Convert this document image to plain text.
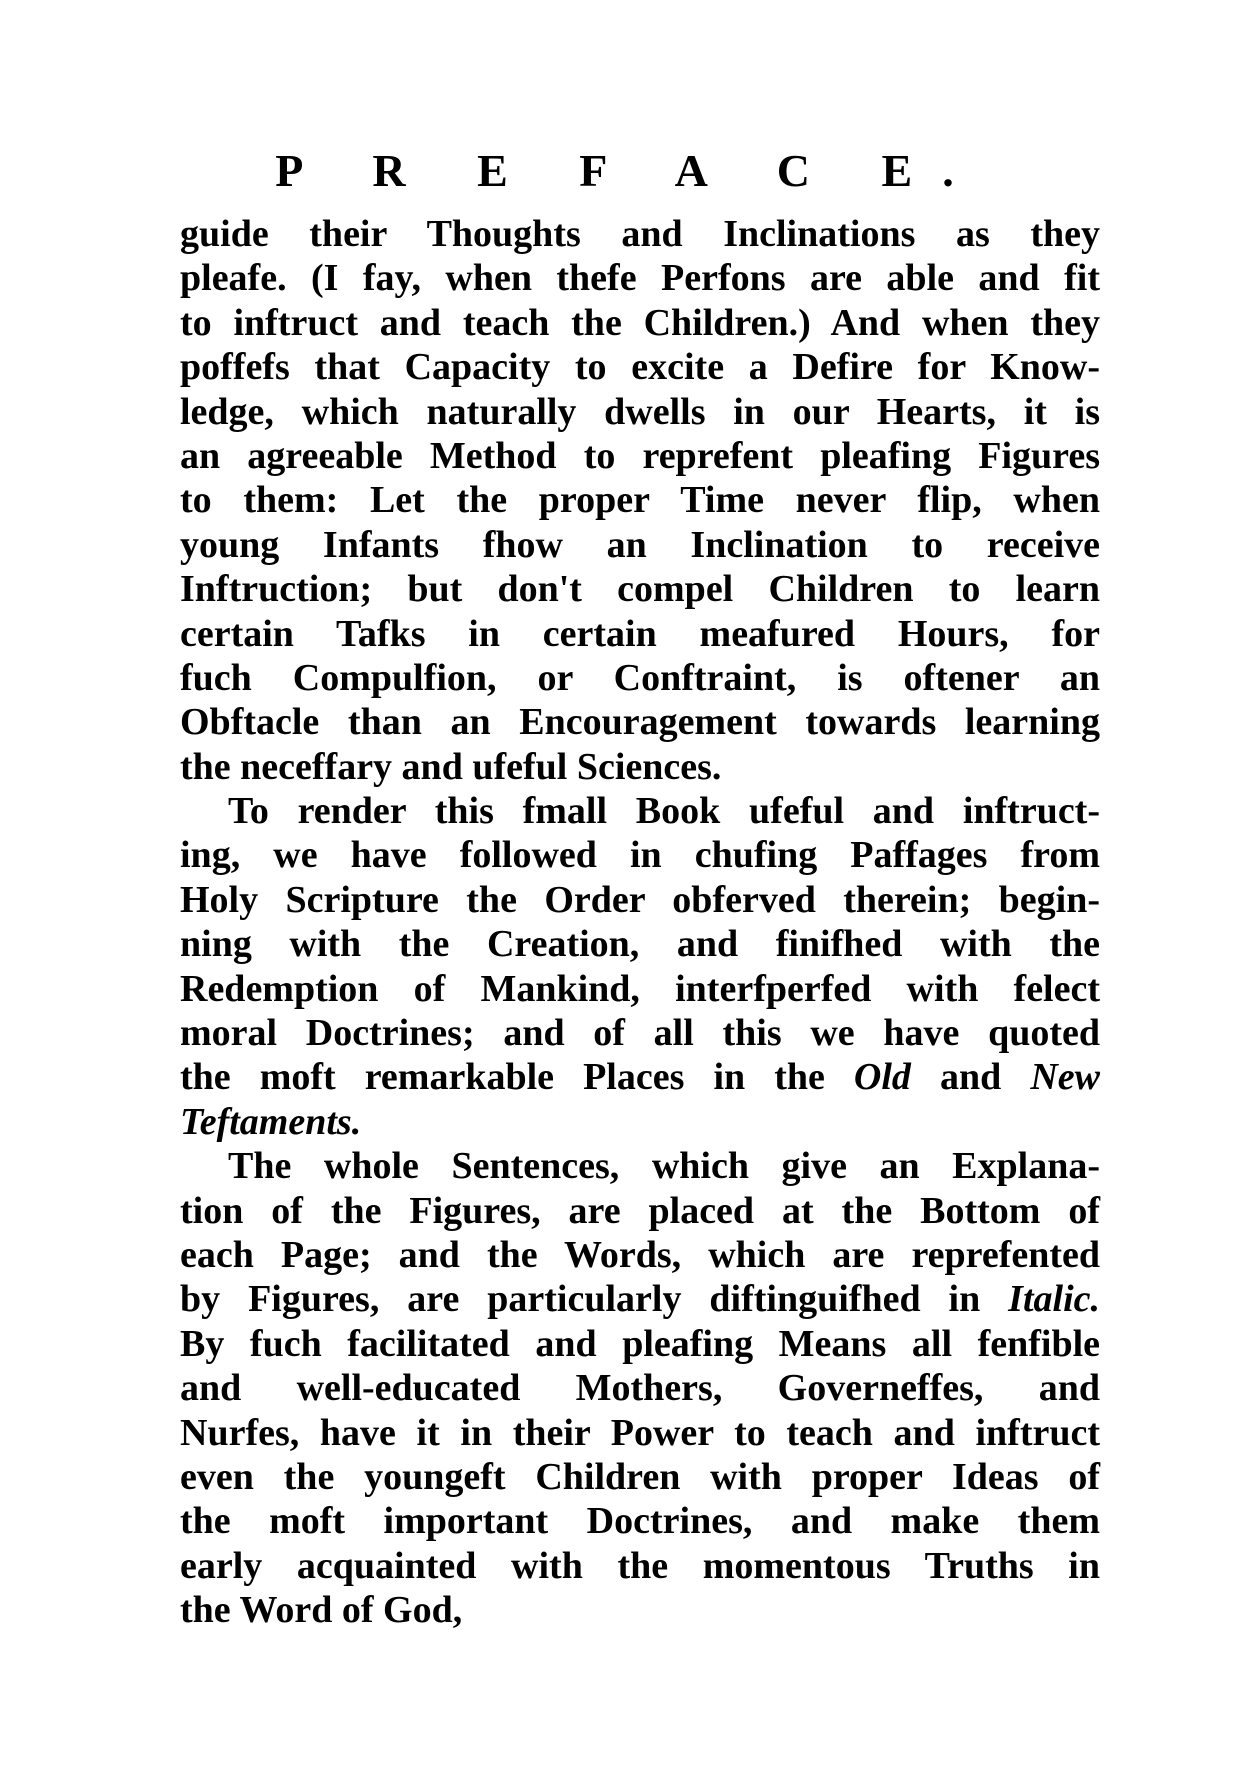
P R E F A C E.
guide their Thoughts and Inclinations as they
pleafe. (I fay, when thefe Perfons are able and fit
to inftruct and teach the Children.) And when they
poffefs that Capacity to excite a Defire for Know-
ledge, which naturally dwells in our Hearts, it is
an agreeable Method to reprefent pleafing Figures
to them: Let the proper Time never flip, when
young Infants fhow an Inclination to receive
Inftruction; but don't compel Children to learn
certain Tafks in certain meafured Hours, for
fuch Compulfion, or Conftraint, is oftener an
Obftacle than an Encouragement towards learning
the neceffary and ufeful Sciences.
To render this fmall Book ufeful and inftruct-
ing, we have followed in chufing Paffages from
Holy Scripture the Order obferved therein; begin-
ning with the Creation, and finifhed with the
Redemption of Mankind, interfperfed with felect
moral Doctrines; and of all this we have quoted
the moft remarkable Places in the Old and New
Teftaments.
The whole Sentences, which give an Explana-
tion of the Figures, are placed at the Bottom of
each Page; and the Words, which are reprefented
by Figures, are particularly diftinguifhed in Italic.
By fuch facilitated and pleafing Means all fenfible
and well-educated Mothers, Governeffes, and
Nurfes, have it in their Power to teach and inftruct
even the youngeft Children with proper Ideas of
the moft important Doctrines, and make them
early acquainted with the momentous Truths in
the Word of God,
